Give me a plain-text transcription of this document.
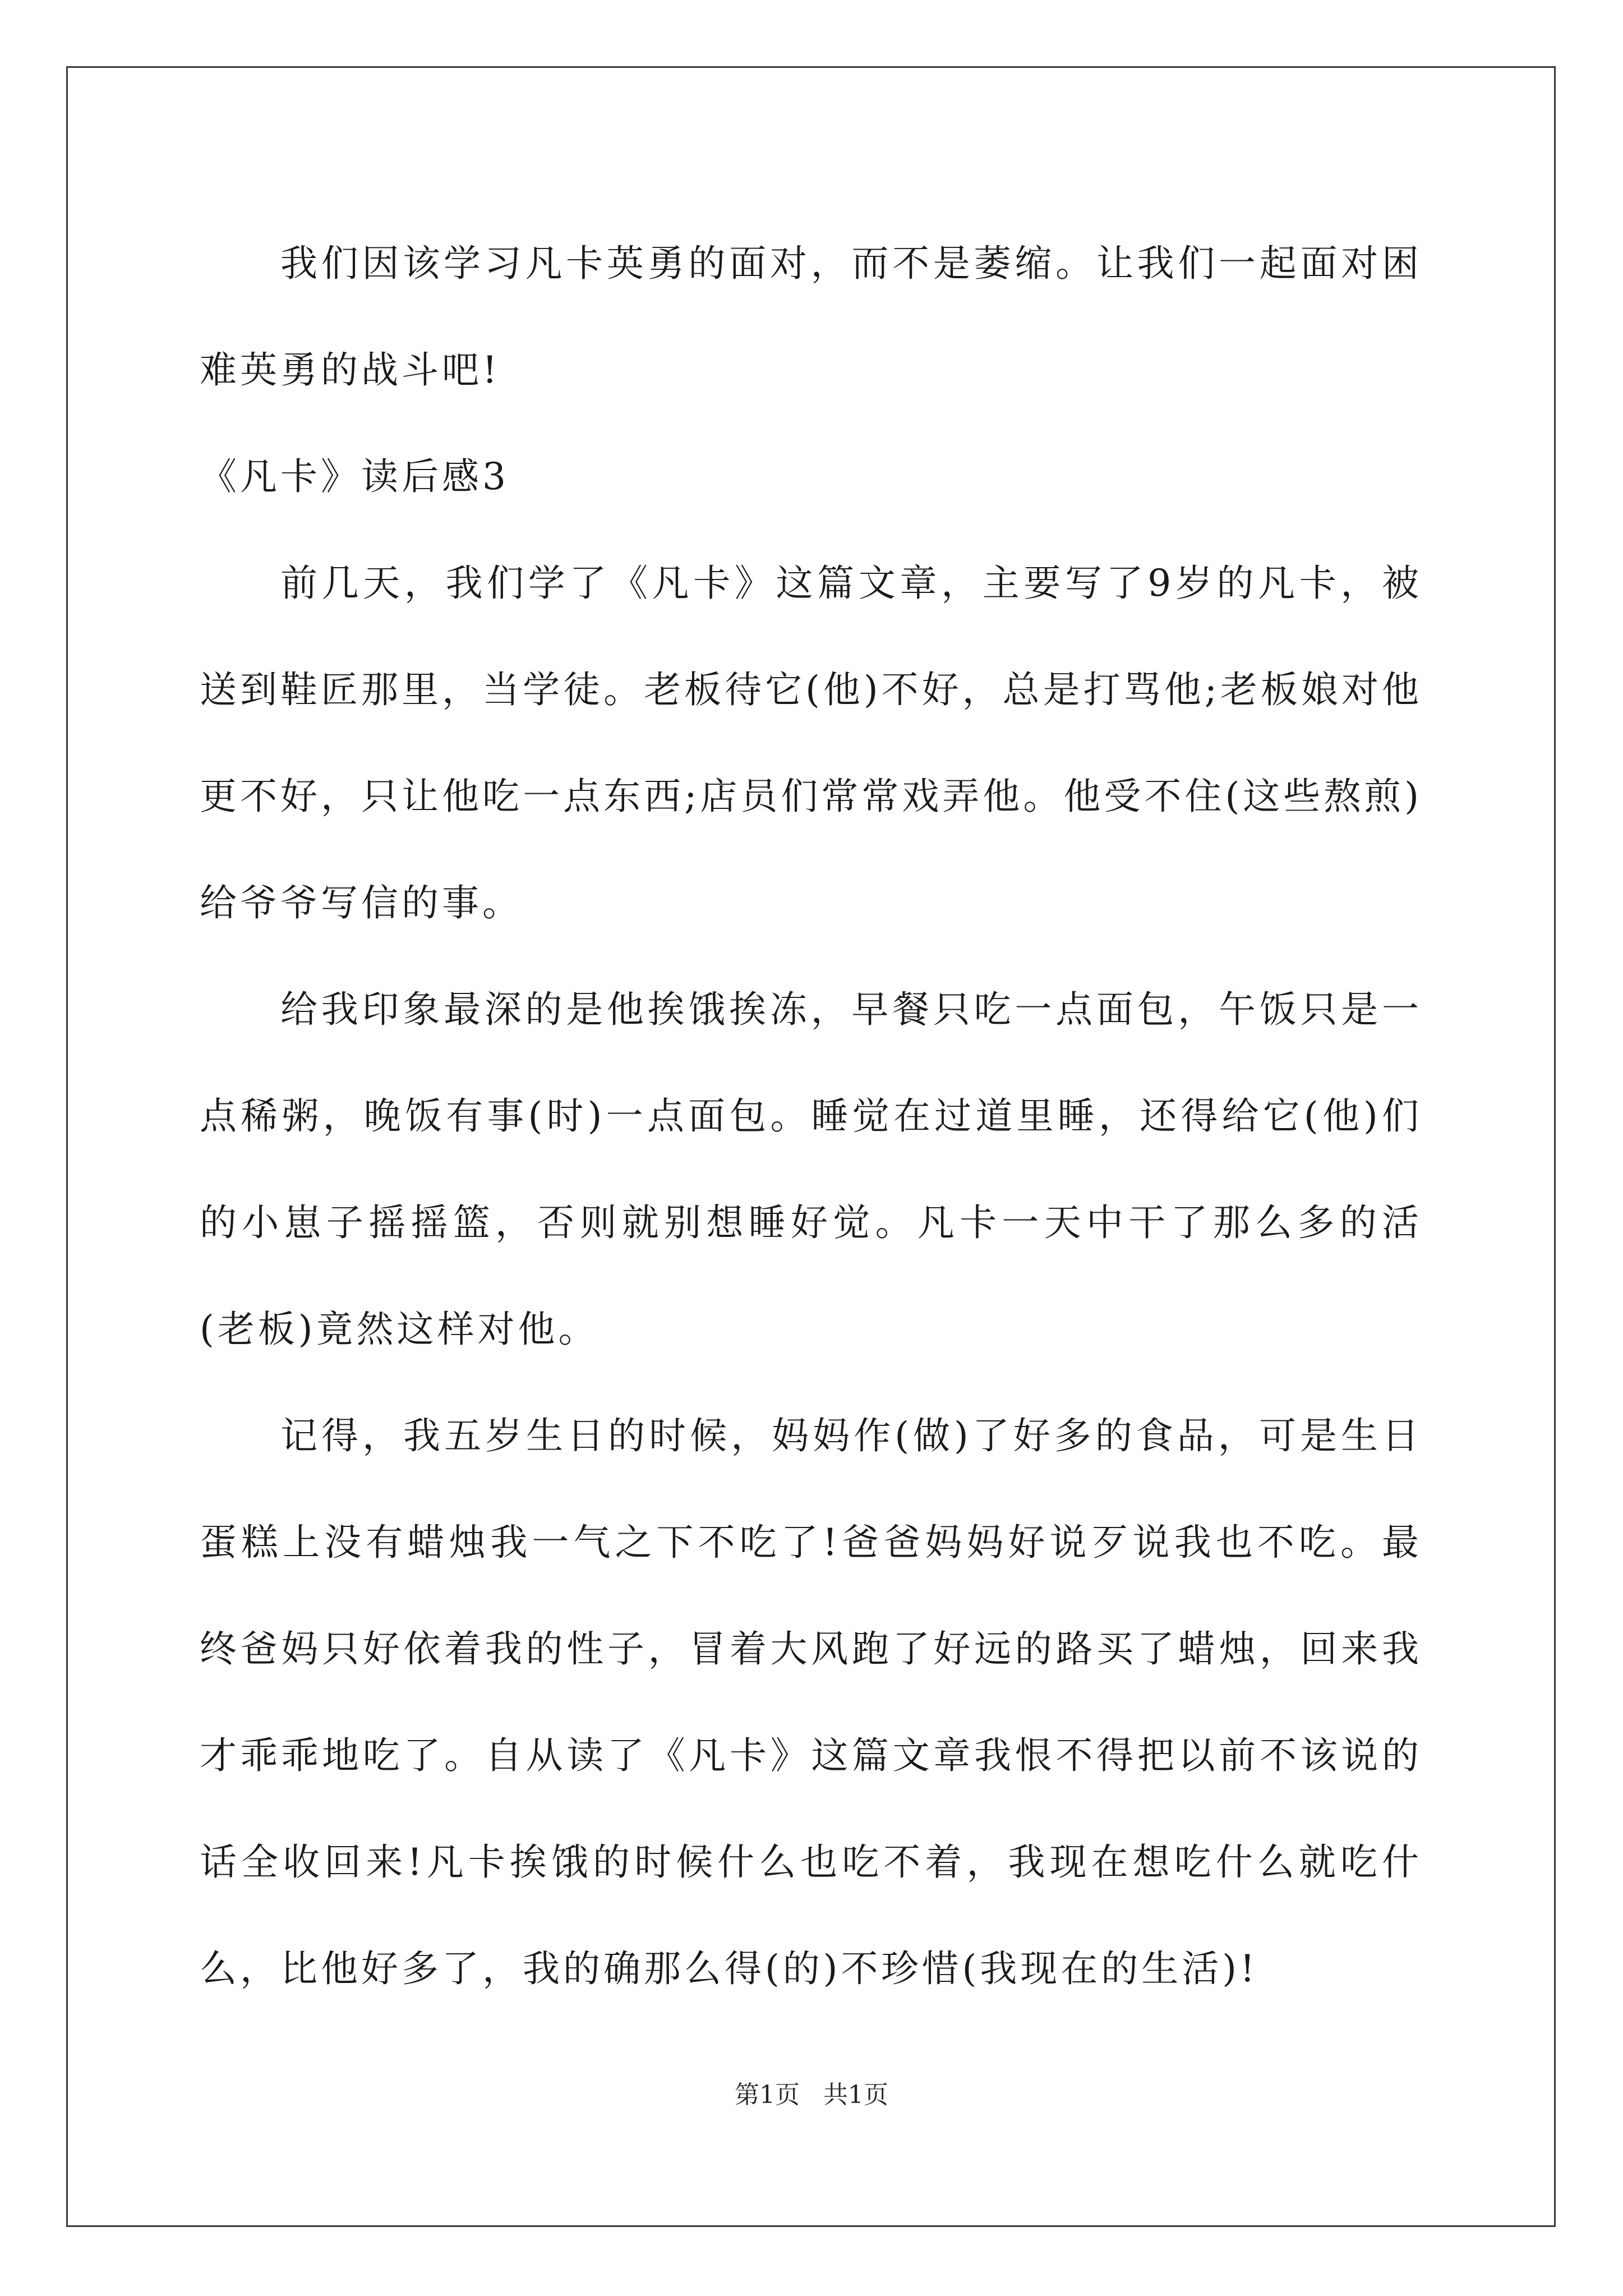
我们因该学习凡卡英勇的面对，而不是萎缩。让我们一起面对困难英勇的战斗吧!

《凡卡》读后感3

前几天，我们学了《凡卡》这篇文章，主要写了9岁的凡卡，被送到鞋匠那里，当学徒。老板待它(他)不好，总是打骂他;老板娘对他更不好，只让他吃一点东西;店员们常常戏弄他。他受不住(这些熬煎)给爷爷写信的事。

给我印象最深的是他挨饿挨冻，早餐只吃一点面包，午饭只是一点稀粥，晚饭有事(时)一点面包。睡觉在过道里睡，还得给它(他)们的小崽子摇摇篮，否则就别想睡好觉。凡卡一天中干了那么多的活(老板)竟然这样对他。

记得，我五岁生日的时候，妈妈作(做)了好多的食品，可是生日蛋糕上没有蜡烛我一气之下不吃了!爸爸妈妈好说歹说我也不吃。最终爸妈只好依着我的性子，冒着大风跑了好远的路买了蜡烛，回来我才乖乖地吃了。自从读了《凡卡》这篇文章我恨不得把以前不该说的话全收回来!凡卡挨饿的时候什么也吃不着，我现在想吃什么就吃什么，比他好多了，我的确那么得(的)不珍惜(我现在的生活)!

第1页 共1页
